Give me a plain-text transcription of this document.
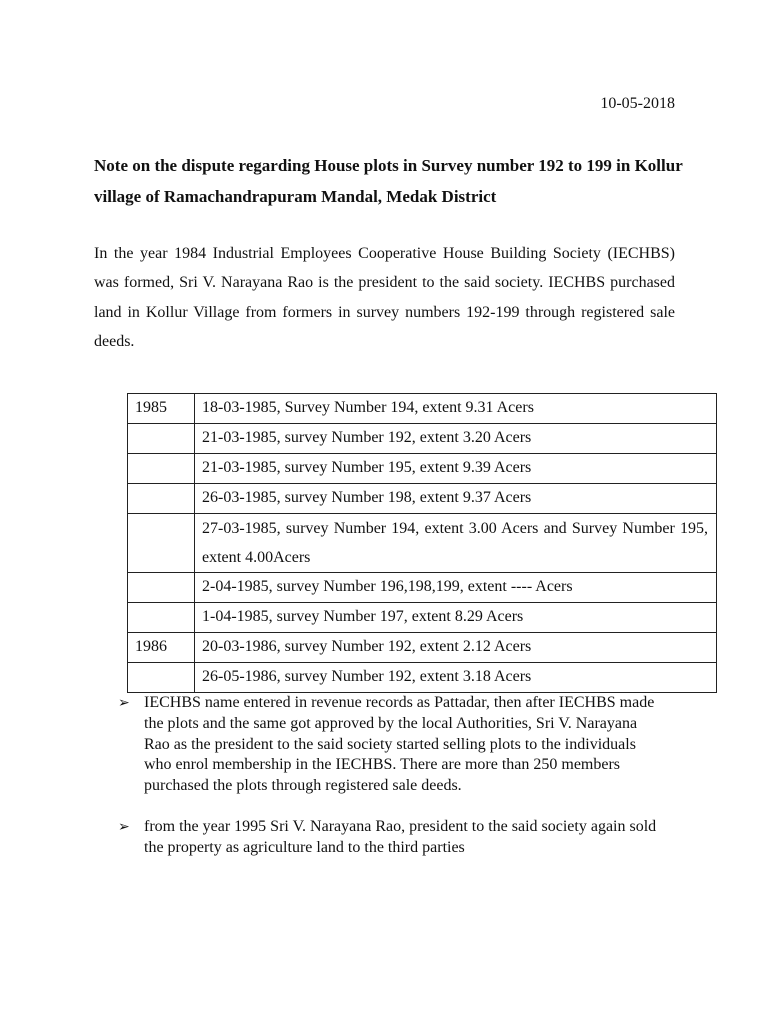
10-05-2018
Note on the dispute regarding House plots in Survey number 192 to 199 in Kollur village of Ramachandrapuram Mandal, Medak District
In the year 1984 Industrial Employees Cooperative House Building Society (IECHBS) was formed, Sri V. Narayana Rao is the president to the said society. IECHBS purchased land in Kollur Village from formers in survey numbers 192-199 through registered sale deeds.
1985	18-03-1985, Survey Number 194, extent 9.31 Acers
	21-03-1985, survey Number 192, extent 3.20 Acers
	21-03-1985, survey Number 195, extent 9.39 Acers
	26-03-1985, survey Number 198, extent 9.37 Acers
	27-03-1985, survey Number 194, extent 3.00 Acers and Survey Number 195, extent 4.00Acers
	2-04-1985, survey Number 196,198,199, extent ---- Acers
	1-04-1985, survey Number 197, extent 8.29 Acers
1986	20-03-1986, survey Number 192, extent 2.12 Acers
	26-05-1986, survey Number 192, extent 3.18 Acers
➢ IECHBS name entered in revenue records as Pattadar, then after IECHBS made the plots and the same got approved by the local Authorities, Sri V. Narayana Rao as the president to the said society started selling plots to the individuals who enrol membership in the IECHBS. There are more than 250 members purchased the plots through registered sale deeds.
➢ from the year 1995 Sri V. Narayana Rao, president to the said society again sold the property as agriculture land to the third parties
